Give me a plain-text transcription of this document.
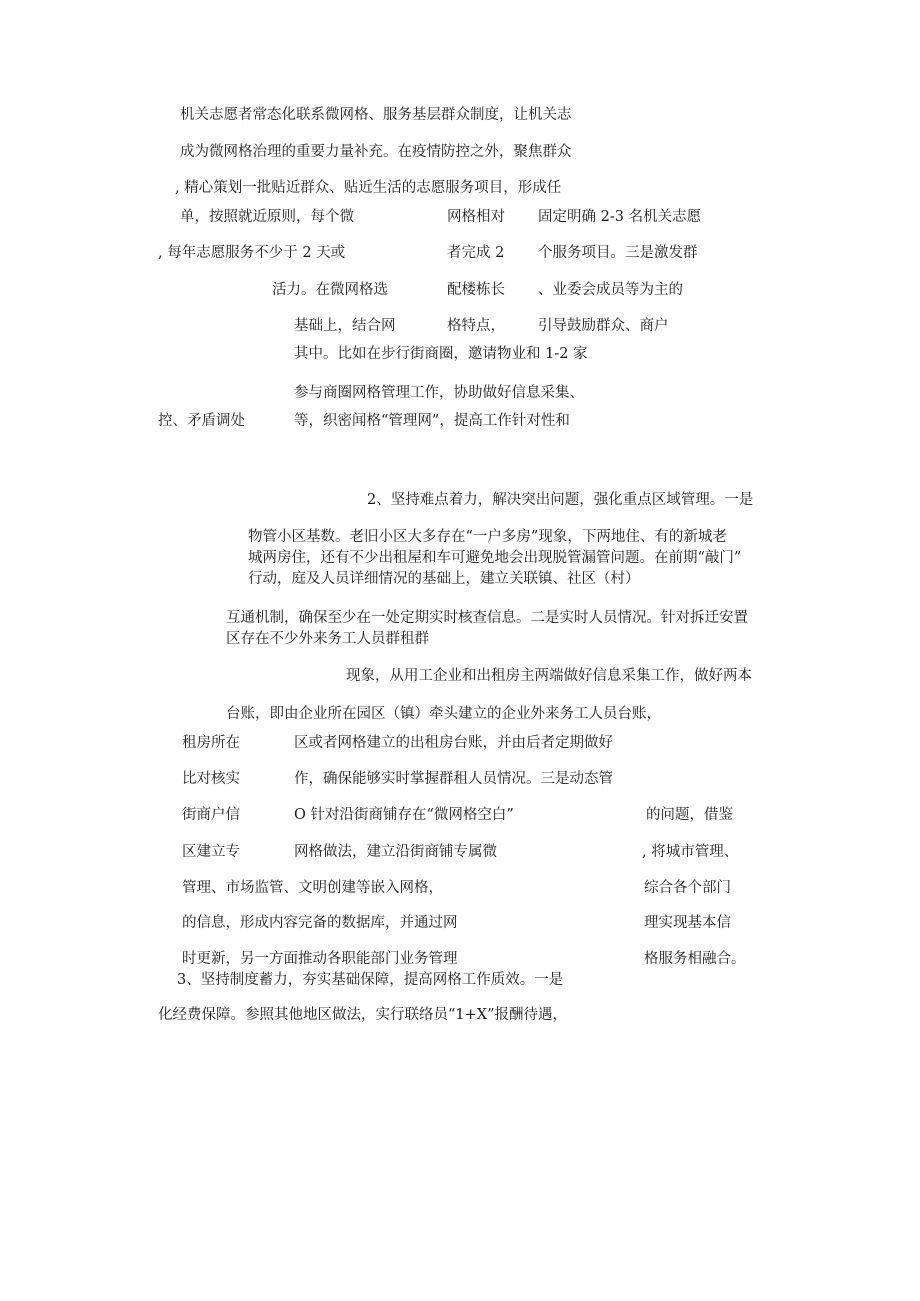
机关志愿者常态化联系微网格、服务基层群众制度，让机关志
成为微网格治理的重要力量补充。在疫情防控之外，聚焦群众
, 精心策划一批贴近群众、贴近生活的志愿服务项目，形成任
单，按照就近原则，每个微	网格相对 固定明确 2-3 名机关志愿
, 每年志愿服务不少于 2 天或	者完成 2 个服务项目。三是激发群
活力。在微网格选	配楼栋长 、业委会成员等为主的
基础上，结合网	格特点， 引导鼓励群众、商户
其中。比如在步行街商圈，邀请物业和 1-2 家
参与商圈网格管理工作，协助做好信息采集、
控、矛盾调处	等，织密闻格“管理网”，提高工作针对性和
2、坚持难点着力，解决突出问题，强化重点区域管理。一是
物管小区基数。老旧小区大多存在“一户多房”现象，下两地住、有的新城老
城两房住，还有不少出租屋和车可避免地会出现脱管漏管问题。在前期“敲门”
行动，庭及人员详细情况的基础上，建立关联镇、社区（村）
互通机制，确保至少在一处定期实时核查信息。二是实时人员情况。针对拆迁安置
区存在不少外来务工人员群租群
现象，从用工企业和出租房主两端做好信息采集工作，做好两本
台账，即由企业所在园区（镇）牵头建立的企业外来务工人员台账，
租房所在	区或者网格建立的出租房台账，并由后者定期做好
比对核实	作，确保能够实时掌握群租人员情况。三是动态管
街商户信	O 针对沿街商铺存在“微网格空白”	的问题，借鉴
区建立专	网格做法，建立沿街商铺专属微	, 将城市管理、
管理、市场监管、文明创建等嵌入网格，	综合各个部门
的信息，形成内容完备的数据库，并通过网	理实现基本信
时更新，另一方面推动各职能部门业务管理	格服务相融合。
3、坚持制度蓄力，夯实基础保障，提高网格工作质效。一是
化经费保障。参照其他地区做法，实行联络员“1+X”报酬待遇，
